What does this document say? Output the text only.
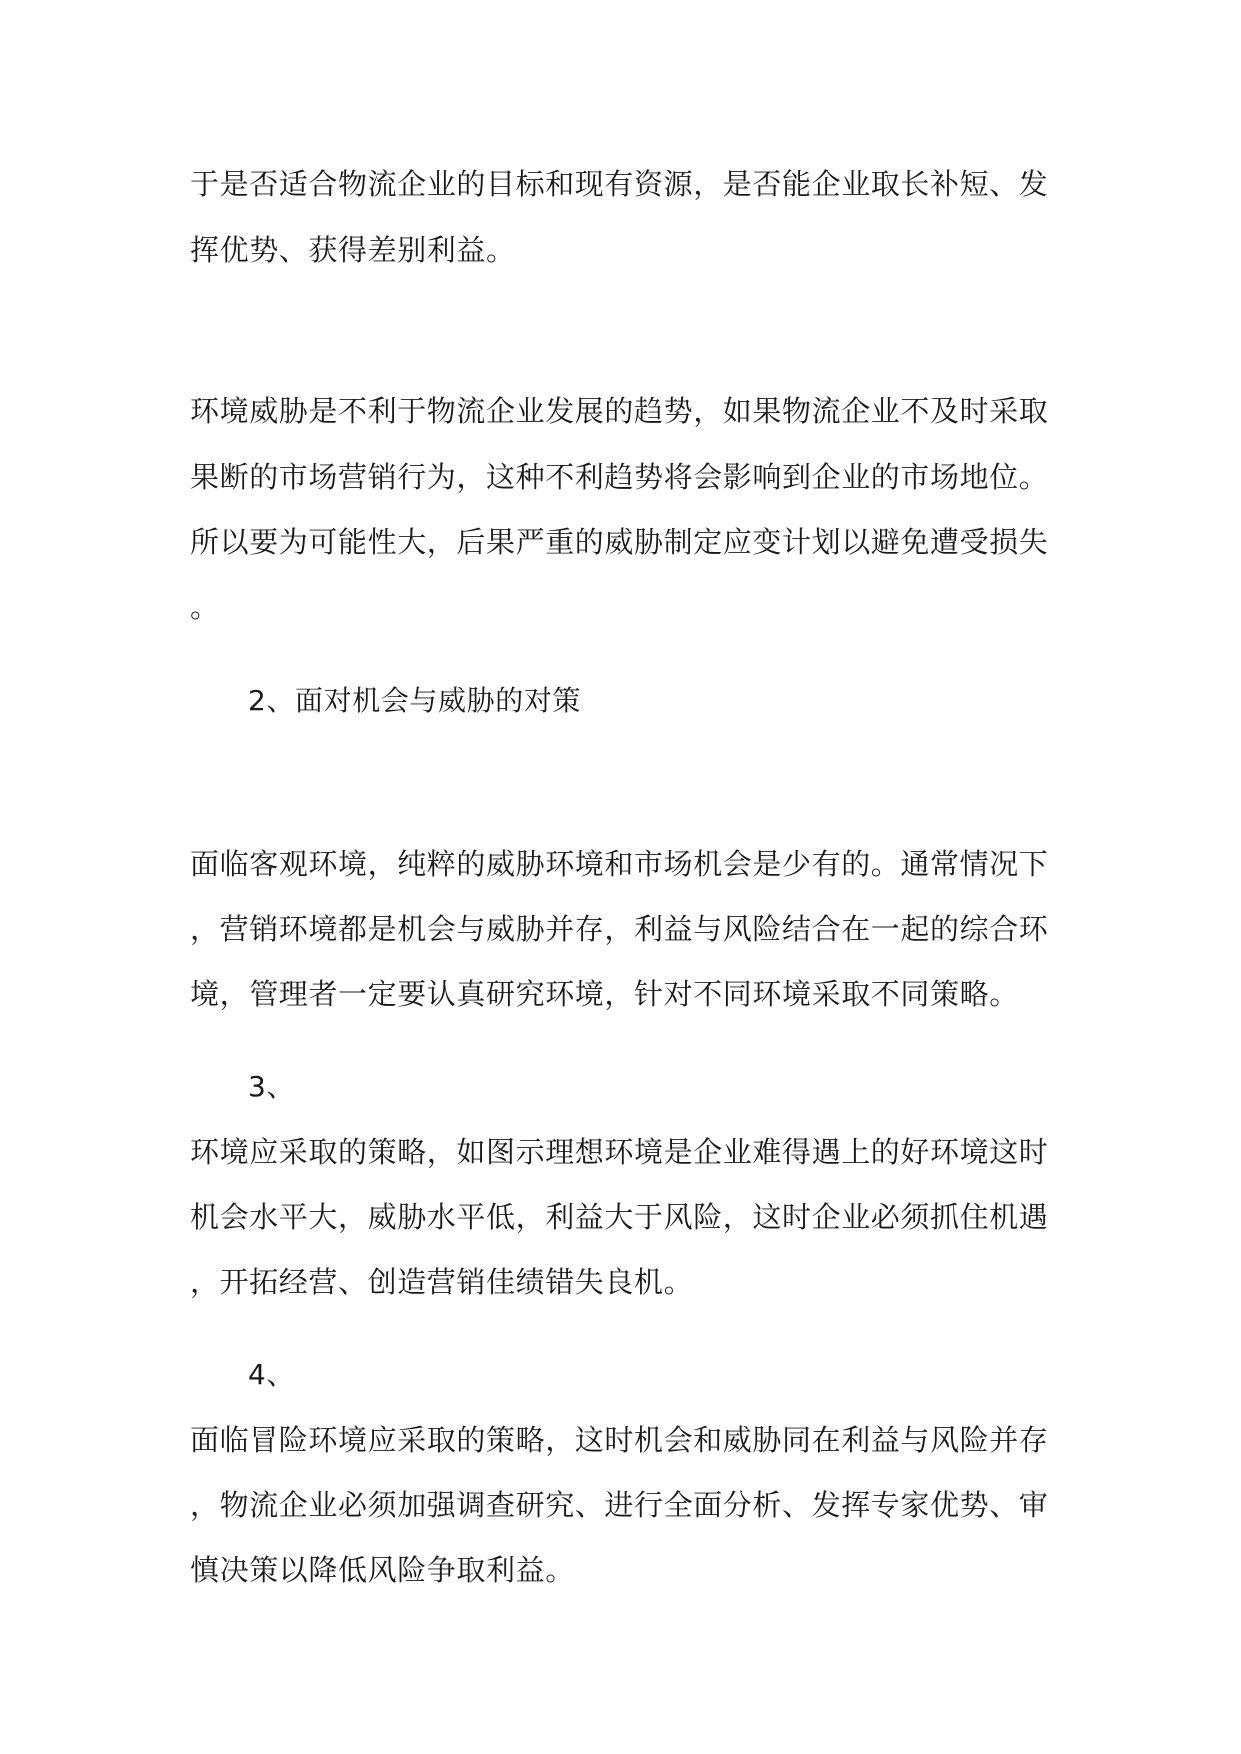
于是否适合物流企业的目标和现有资源，是否能企业取长补短、发
挥优势、获得差别利益。
环境威胁是不利于物流企业发展的趋势，如果物流企业不及时采取
果断的市场营销行为，这种不利趋势将会影响到企业的市场地位。
所以要为可能性大，后果严重的威胁制定应变计划以避免遭受损失
。
2、面对机会与威胁的对策
面临客观环境，纯粹的威胁环境和市场机会是少有的。通常情况下
，营销环境都是机会与威胁并存，利益与风险结合在一起的综合环
境，管理者一定要认真研究环境，针对不同环境采取不同策略。
3、
环境应采取的策略，如图示理想环境是企业难得遇上的好环境这时
机会水平大，威胁水平低，利益大于风险，这时企业必须抓住机遇
，开拓经营、创造营销佳绩错失良机。
4、
面临冒险环境应采取的策略，这时机会和威胁同在利益与风险并存
，物流企业必须加强调查研究、进行全面分析、发挥专家优势、审
慎决策以降低风险争取利益。
